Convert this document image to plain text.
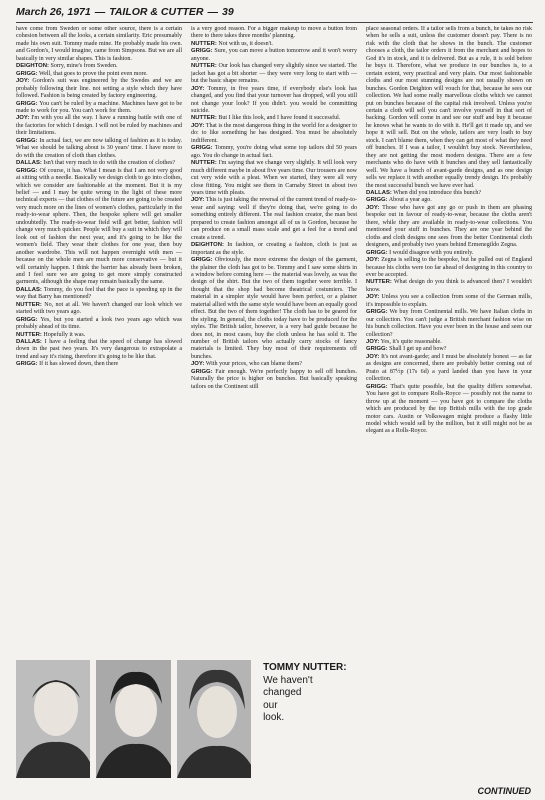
March 26, 1971 — TAILOR & CUTTER — 39

have come from Sweden or some other source, there is a certain cohesion between all the looks, a certain similarity. Eric presumably made his own suit. Tommy made mine. He probably made his own. and Gordon's, I would imagine, came from Simpsons. But we are all basically in very similar shapes. This is fashion.

DEIGHTON: Sorry, mine's from Sweden.

GRIGG: Well, that goes to prove the point even more.

JOY: Gordon's suit was engineered by the Swedes and we are probably following their line. not setting a style which they have followed. Fashion is being created by factory engineering.

GRIGG: You can't be ruled by a machine. Machines have got to be made to work for you. You can't work for them.

JOY: I'm with you all the way. I have a running battle with one of the factories for which I design. I will not be ruled by machines and their limitations.

GRIGG: In actual fact, we are now talking of fashion as it is today. What we should be talking about is 30 years' time. I have more to do with the creation of cloth than clothes.

DALLAS: Isn't that very much to do with the creation of clothes?

GRIGG: Of course, it has. What I mean is that I am not very good at sitting with a needle. Basically we design cloth to go into clothes, which we consider are fashionable at the moment. But it is my belief — and I may be quite wrong in the light of these more technical experts — that clothes of the future are going to be created very much more on the lines of women's clothes, particularly in the ready-to-wear sphere. Then, the bespoke sphere will get smaller undoubtedly. The ready-to-wear field will get better, fashion will change very much quicker. People will buy a suit in which they will look out of fashion the next year, and it's going to be like the women's field. They wear their clothes for one year, then buy another wardrobe. This will not happen overnight with men — because on the whole men are much more conservative — but it will certainly happen. I think the barrier has already been broken, and I feel sure we are going to get more simply constructed garments, although the shape may remain basically the same.

DALLAS: Tommy, do you feel that the pace is speeding up in the way that Barry has mentioned?

NUTTER: No, not at all. We haven't changed our look which we started with two years ago.

GRIGG: Yes, but you started a look two years ago which was probably ahead of its time.

NUTTER: Hopefully it was.

DALLAS: I have a feeling that the speed of change has slowed down in the past two years. It's very dangerous to extrapolate a trend and say it's rising, therefore it's going to be like that.

GRIGG: If it has slowed down, then there

is a very good reason. For a bigger makeup to move a button from there to there takes three months' planning.

NUTTER: Not with us, it doesn't.

GRIGG: Sure, you can move a button tomorrow and it won't worry anyone.

NUTTER: Our look has changed very slightly since we started. The jacket has got a bit shorter — they were very long to start with — but the basic shape remains.

JOY: Tommy, in five years time, if everybody else's look has changed, and you find that your turnover has dropped, will you still not change your look? If you didn't. you would be committing suicide.

NUTTER: But I like this look, and I have found it successful.

JOY: That is the most dangerous thing in the world for a designer to do: to like something he has designed. You must be absolutely indifferent.

GRIGG: Tommy, you're doing what some top tailors did 50 years ago. You do change in actual fact.

NUTTER: I'm saying that we change very slightly. It will look very much different maybe in about five years time. Our trousers are now cut very wide with a pleat. When we started, they were all very close fitting. You might see them in Carnaby Street in about two years time with pleats.

JOY: This is just taking the reversal of the current trend of ready-to-wear and saying: well if they're doing that, we're going to do something entirely different. The real fashion creator, the man best prepared to create fashion amongst all of us is Gordon, because he can produce on a small mass scale and get a feel for a trend and create a trend.

DEIGHTON: In fashion, or creating a fashion, cloth is just as important as the style.

GRIGG: Obviously, the more extreme the design of the garment, the plainer the cloth has got to be. Tommy and I saw some shirts in a window before coming here — the material was lovely, as was the design of the shirt. But the two of them together were terrible. I thought that the shop had become theatrical costumiers. The material in a simpler style would have been perfect, or a plainer material allied with the same style would have been an equally good effect. But the two of them together! The cloth has to be geared for the styling. In general, the cloths today have to be produced for the styles. The British tailor, however, is a very bad guide because he does not, in most cases, buy the cloth unless he has sold it. The number of British tailors who actually carry stocks of fancy materials is limited. They buy most of their requirements off bunches.

JOY: With your prices, who can blame them?

GRIGG: Fair enough. We're perfectly happy to sell off bunches. Naturally the price is higher on bunches. But basically speaking tailors on the Continent still

place seasonal orders. If a tailor sells from a bunch, he takes no risk when he sells a suit, unless the customer doesn't pay. There is no risk with the cloth that he shows in the bunch. The customer chooses a cloth, the tailor orders it from the merchant and hopes to God it's in stock, and it is delivered. But as a rule, it is sold before he buys it. Therefore, what we produce in our bunches is, to a certain extent, very practical and very plain. Our most fashionable cloths and our most stunning designs are not usually shown on bunches. Gordon Deighton will vouch for that, because he sees our collection. We had some really marvellous cloths which we cannot put on bunches because of the capital risk involved. Unless you're certain a cloth will sell you can't involve yourself in that sort of backing. Gordon will come in and see our stuff and buy it because he knows what he wants to do with it. He'll get it made up, and we hope it will sell. But on the whole, tailors are very loath to buy stock. I can't blame them, when they can get most of what they need off bunches. If I was a tailor, I wouldn't buy stock. Nevertheless, they are not getting the most modern designs. There are a few merchants who do have with it bunches and they sell fantastically well. We have a bunch of avant-garde designs, and as one design sells we replace it with another equally trendy design. It's probably the most successful bunch we have ever had.

DALLAS: When did you introduce this bunch?

GRIGG: About a year ago.

JOY: Those who have got any go or push in them are phasing bespoke out in favour of ready-to-wear, because the cloths aren't there, while they are available in ready-to-wear collections. You mentioned your stuff in bunches. They are one year behind the cloths and cloth designs one sees from the better Continental cloth designers, and probably two years behind Ermenegildo Zegna.

GRIGG: I would disagree with you entirely.

JOY: Zegna is selling to the bespoke, but he pulled out of England because his cloths were too far ahead of designing in this country to ever be accepted.

NUTTER: What design do you think is advanced then? I wouldn't know.

JOY: Unless you see a collection from some of the German mills, it's impossible to explain.

GRIGG: We buy from Continental mills. We have Italian cloths in our collection. You can't judge a British merchant fashion wise on his bunch collection. Have you ever been in the house and seen our collection?

JOY: Yes, it's quite reasonable.

GRIGG: Shall I get up and bow?

JOY: It's not avant-garde; and I must be absolutely honest — as far as designs are concerned, there are probably better coming out of Prato at 87½p (17s 6d) a yard landed than you have in your collection.

GRIGG: That's quite possible, but the quality differs somewhat. You have got to compare Rolls-Royce — possibly not the name to throw up at the moment — you have got to compare the cloths which are produced by the top British mills with the top grade motor cars. Austin or Volkswagen might produce a flashy little model which would sell by the million, but it still might not be as elegant as a Rolls-Royce.

TOMMY NUTTER:
We haven't
changed
our
look.
CONTINUED
